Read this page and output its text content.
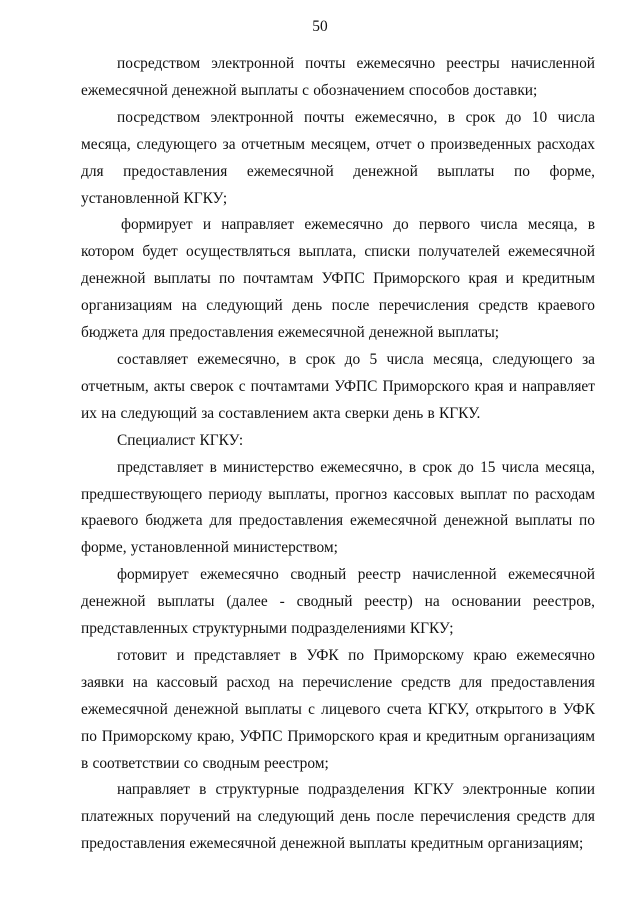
50

посредством электронной почты ежемесячно реестры начисленной ежемесячной денежной выплаты с обозначением способов доставки;

посредством электронной почты ежемесячно, в срок до 10 числа месяца, следующего за отчетным месяцем, отчет о произведенных расходах для предоставления ежемесячной денежной выплаты по форме, установленной КГКУ;

формирует и направляет ежемесячно до первого числа месяца, в котором будет осуществляться выплата, списки получателей ежемесячной денежной выплаты по почтамтам УФПС Приморского края и кредитным организациям на следующий день после перечисления средств краевого бюджета для предоставления ежемесячной денежной выплаты;

составляет ежемесячно, в срок до 5 числа месяца, следующего за отчетным, акты сверок с почтамтами УФПС Приморского края и направляет их на следующий за составлением акта сверки день в КГКУ.

Специалист КГКУ:

представляет в министерство ежемесячно, в срок до 15 числа месяца, предшествующего периоду выплаты, прогноз кассовых выплат по расходам краевого бюджета для предоставления ежемесячной денежной выплаты по форме, установленной министерством;

формирует ежемесячно сводный реестр начисленной ежемесячной денежной выплаты (далее - сводный реестр) на основании реестров, представленных структурными подразделениями КГКУ;

готовит и представляет в УФК по Приморскому краю ежемесячно заявки на кассовый расход на перечисление средств для предоставления ежемесячной денежной выплаты с лицевого счета КГКУ, открытого в УФК по Приморскому краю, УФПС Приморского края и кредитным организациям в соответствии со сводным реестром;

направляет в структурные подразделения КГКУ электронные копии платежных поручений на следующий день после перечисления средств для предоставления ежемесячной денежной выплаты кредитным организациям;
